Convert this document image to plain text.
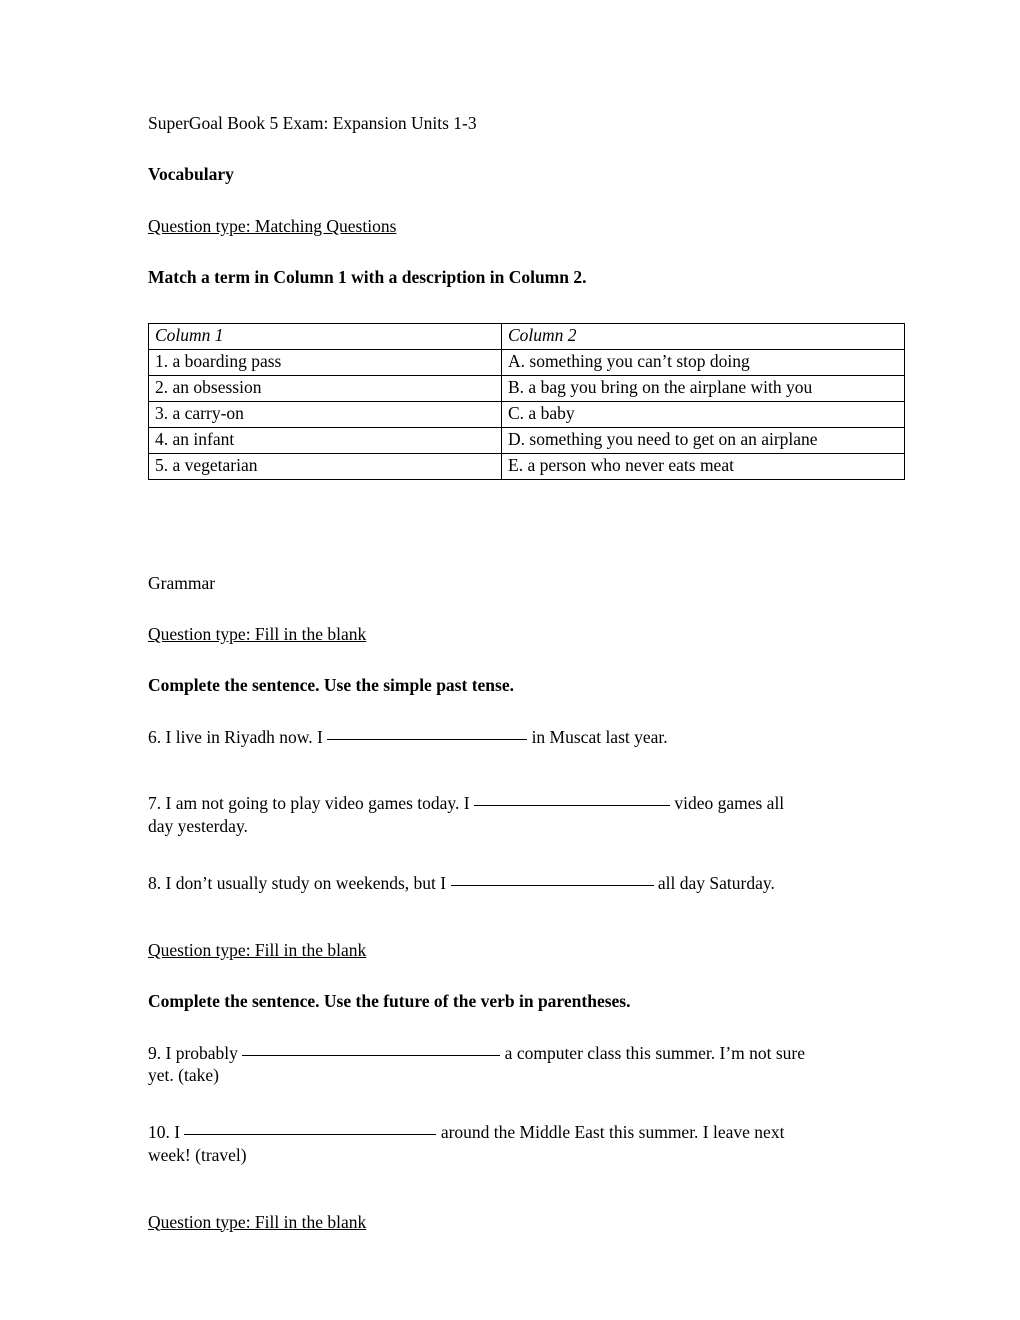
SuperGoal Book 5 Exam: Expansion Units 1-3
Vocabulary
Question type: Matching Questions
Match a term in Column 1 with a description in Column 2.
Column 1	Column 2
1. a boarding pass	A. something you can’t stop doing
2. an obsession	B. a bag you bring on the airplane with you
3. a carry-on	C. a baby
4. an infant	D. something you need to get on an airplane
5. a vegetarian	E. a person who never eats meat
Grammar
Question type: Fill in the blank
Complete the sentence. Use the simple past tense.
6. I live in Riyadh now. I	in Muscat last year.
7. I am not going to play video games today. I	video games all
day yesterday.
8. I don’t usually study on weekends, but I	all day Saturday.
Question type: Fill in the blank
Complete the sentence. Use the future of the verb in parentheses.
9. I probably	a computer class this summer. I’m not sure
yet. (take)
10. I	around the Middle East this summer. I leave next
week! (travel)
Question type: Fill in the blank
